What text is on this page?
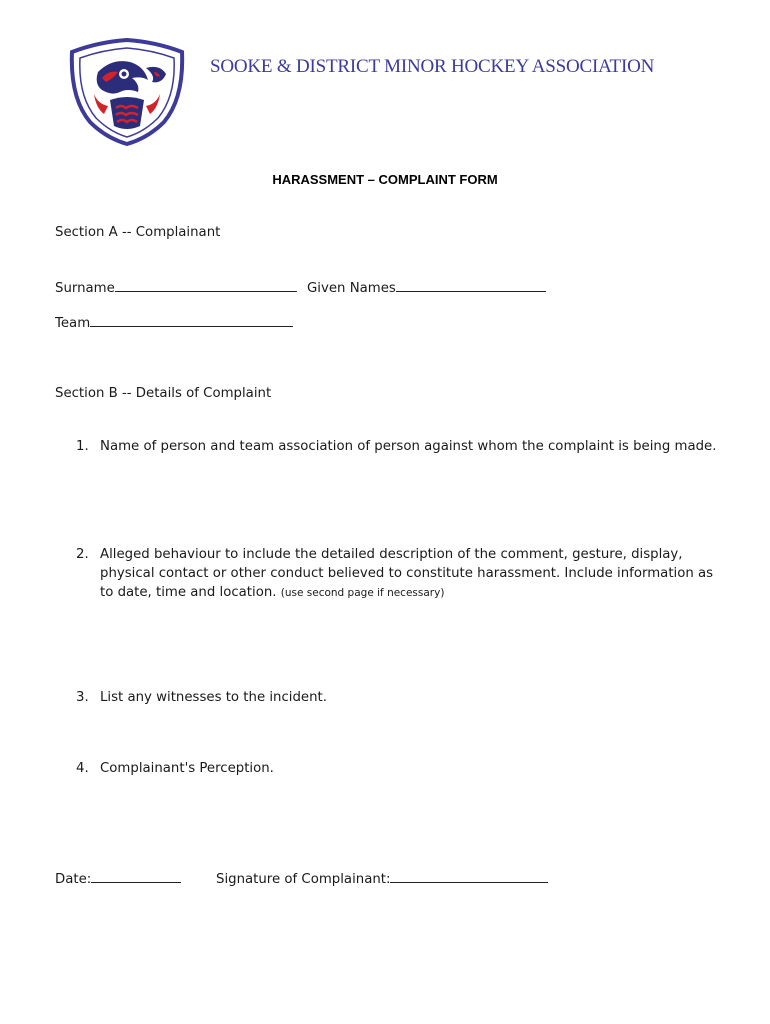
SOOKE & DISTRICT MINOR HOCKEY ASSOCIATION
HARASSMENT – COMPLAINT FORM
Section A -- Complainant
Surname	Given Names
Team
Section B -- Details of Complaint
1. Name of person and team association of person against whom the complaint is being made.
2. Alleged behaviour to include the detailed description of the comment, gesture, display, physical contact or other conduct believed to constitute harassment. Include information as to date, time and location. (use second page if necessary)
3. List any witnesses to the incident.
4. Complainant's Perception.
Date:	Signature of Complainant:
